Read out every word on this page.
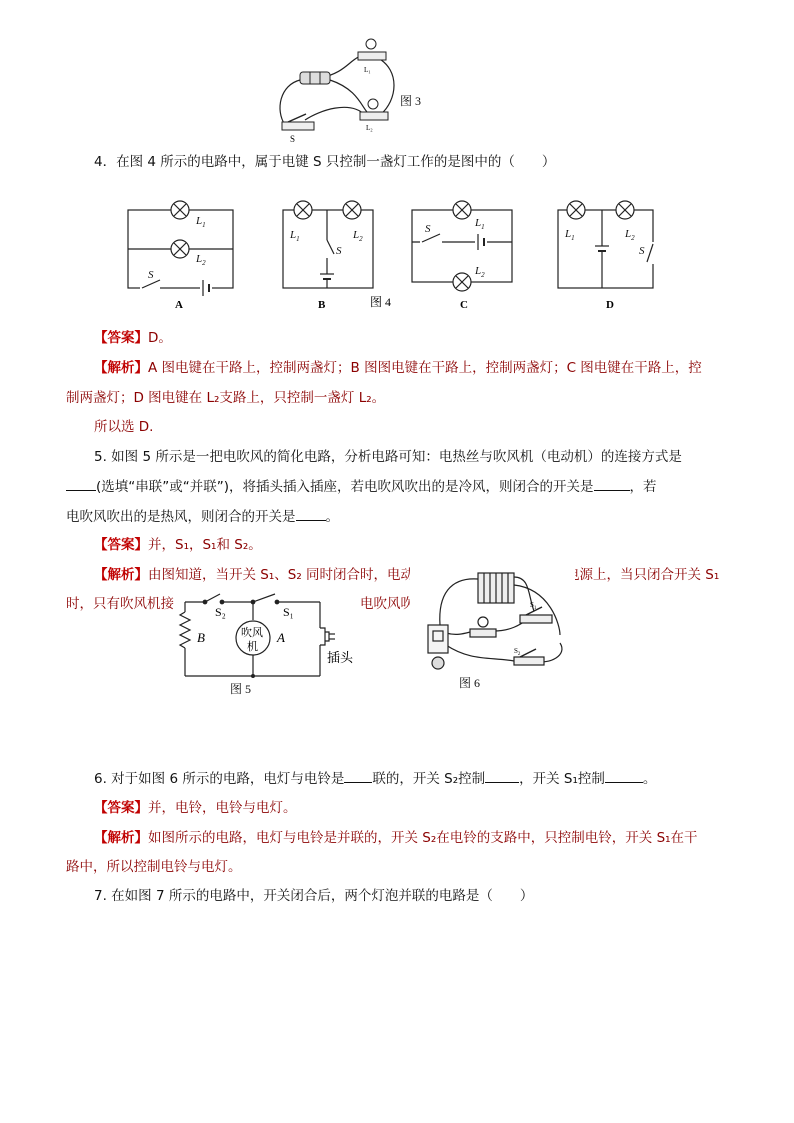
S
L₁
L₂
图 3
4．在图 4 所示的电路中，属于电键 S 只控制一盏灯工作的是图中的（　　）
$L_1$
$L_2$
S
$L_1$	$L_2$
S
$L_1$
$L_2$
S	$L_1$	$L_2$
S
A	B	C	D
图 4
【答案】D。
【解析】A 图电键在干路上，控制两盏灯；B 图图电键在干路上，控制两盏灯；C 图电键在干路上，控
制两盏灯；D 图电键在 L₂支路上，只控制一盏灯 L₂。
所以选 D.
5. 如图 5 所示是一把电吹风的简化电路，分析电路可知：电热丝与吹风机（电动机）的连接方式是
(选填“串联”或“并联”)，将插头插入插座，若电吹风吹出的是冷风，则闭合的开关是	，若
电吹风吹出的是热风，则闭合的开关是 。
【答案】并，S₁，S₁和 S₂。
【解析】由图知道，当开关 S₁、S₂ 同时闭合时，电动	电源上，当只闭合开关 S₁
时，只有吹风机接	电吹风吹出
S₂	S₁
B	A
吹风
机
插头
图 5
$S_1$
$S_2$
图 6
6. 对于如图 6 所示的电路，电灯与电铃是 联的，开关 S₂控制	，开关 S₁控制	。
【答案】并，电铃，电铃与电灯。
【解析】如图所示的电路，电灯与电铃是并联的，开关 S₂在电铃的支路中，只控制电铃，开关 S₁在干
路中，所以控制电铃与电灯。
7. 在如图 7 所示的电路中，开关闭合后，两个灯泡并联的电路是（　　）
